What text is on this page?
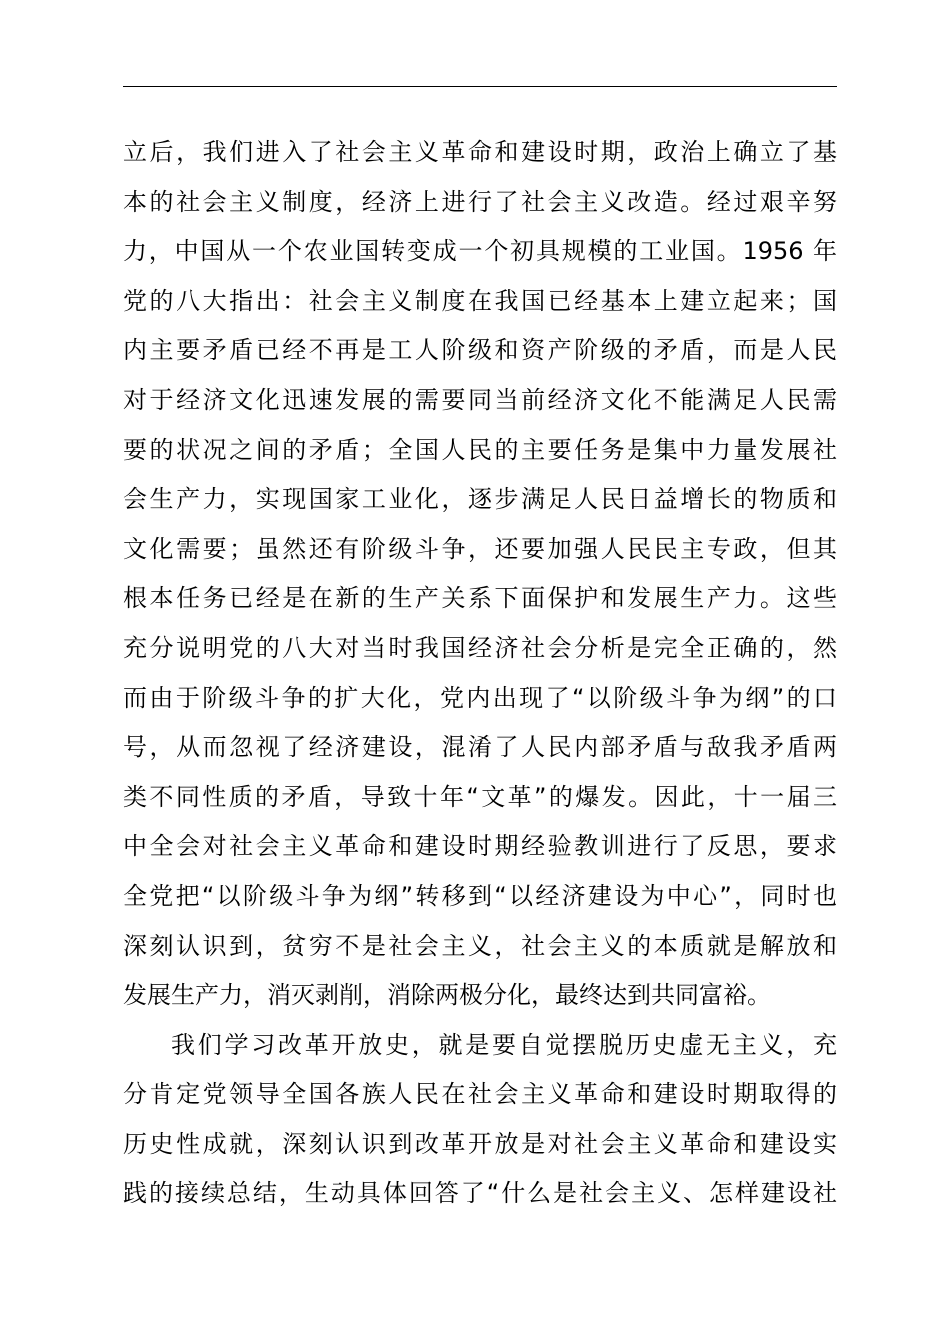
立后，我们进入了社会主义革命和建设时期，政治上确立了基
本的社会主义制度，经济上进行了社会主义改造。经过艰辛努
力，中国从一个农业国转变成一个初具规模的工业国。1956 年
党的八大指出：社会主义制度在我国已经基本上建立起来；国
内主要矛盾已经不再是工人阶级和资产阶级的矛盾，而是人民
对于经济文化迅速发展的需要同当前经济文化不能满足人民需
要的状况之间的矛盾；全国人民的主要任务是集中力量发展社
会生产力，实现国家工业化，逐步满足人民日益增长的物质和
文化需要；虽然还有阶级斗争，还要加强人民民主专政，但其
根本任务已经是在新的生产关系下面保护和发展生产力。这些
充分说明党的八大对当时我国经济社会分析是完全正确的，然
而由于阶级斗争的扩大化，党内出现了“以阶级斗争为纲”的口
号，从而忽视了经济建设，混淆了人民内部矛盾与敌我矛盾两
类不同性质的矛盾，导致十年“文革”的爆发。因此，十一届三
中全会对社会主义革命和建设时期经验教训进行了反思，要求
全党把“以阶级斗争为纲”转移到“以经济建设为中心”，同时也
深刻认识到，贫穷不是社会主义，社会主义的本质就是解放和
发展生产力，消灭剥削，消除两极分化，最终达到共同富裕。
我们学习改革开放史，就是要自觉摆脱历史虚无主义，充
分肯定党领导全国各族人民在社会主义革命和建设时期取得的
历史性成就，深刻认识到改革开放是对社会主义革命和建设实
践的接续总结，生动具体回答了“什么是社会主义、怎样建设社
